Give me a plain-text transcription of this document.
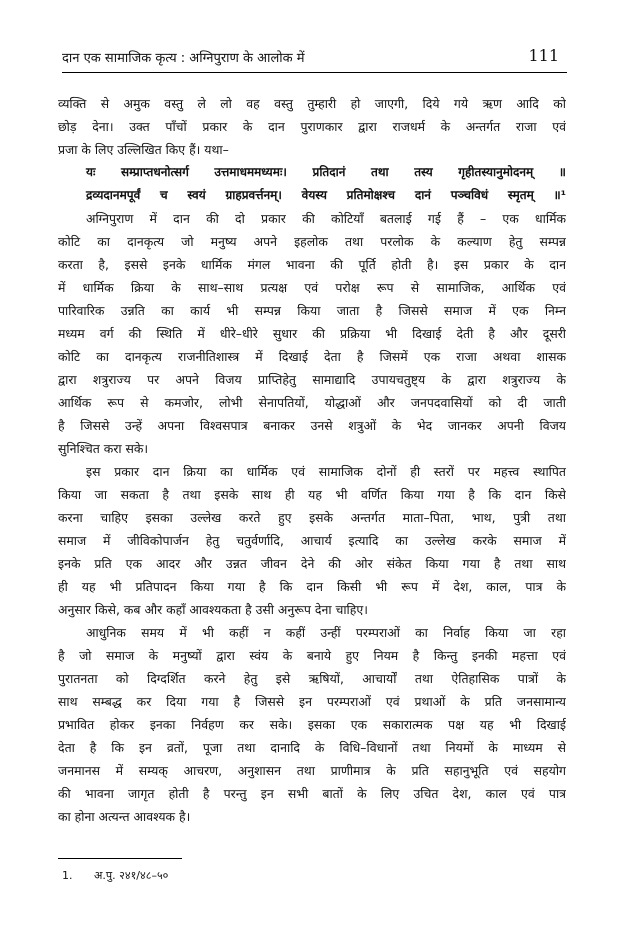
दान एक सामाजिक कृत्य : अग्निपुराण के आलोक में	111
व्यक्ति से अमुक वस्तु ले लो वह वस्तु तुम्हारी हो जाएगी, दिये गये ऋण आदि को
छोड़ देना। उक्त पाँचों प्रकार के दान पुराणकार द्वारा राजधर्म के अन्तर्गत राजा एवं
प्रजा के लिए उल्लिखित किए हैं। यथा–
यः सम्प्राप्तधनोत्सर्ग उत्तमाधममध्यमः। प्रतिदानं तथा तस्य गृहीतस्यानुमोदनम् ॥
द्रव्यदानमपूर्वं च स्वयं ग्राहप्रवर्त्तनम्। वेयस्य प्रतिमोक्षश्च दानं पञ्चविधं स्मृतम् ॥¹
अग्निपुराण में दान की दो प्रकार की कोटियाँ बतलाई गई हैं – एक धार्मिक
कोटि का दानकृत्य जो मनुष्य अपने इहलोक तथा परलोक के कल्याण हेतु सम्पन्न
करता है, इससे इनके धार्मिक मंगल भावना की पूर्ति होती है। इस प्रकार के दान
में धार्मिक क्रिया के साथ–साथ प्रत्यक्ष एवं परोक्ष रूप से सामाजिक, आर्थिक एवं
पारिवारिक उन्नति का कार्य भी सम्पन्न किया जाता है जिससे समाज में एक निम्न
मध्यम वर्ग की स्थिति में धीरे–धीरे सुधार की प्रक्रिया भी दिखाई देती है और दूसरी
कोटि का दानकृत्य राजनीतिशास्त्र में दिखाई देता है जिसमें एक राजा अथवा शासक
द्वारा शत्रुराज्य पर अपने विजय प्राप्तिहेतु सामाद्यादि उपायचतुष्ट्य के द्वारा शत्रुराज्य के
आर्थिक रूप से कमजोर, लोभी सेनापतियों, योद्धाओं और जनपदवासियों को दी जाती
है जिससे उन्हें अपना विश्वसपात्र बनाकर उनसे शत्रुओं के भेद जानकर अपनी विजय
सुनिश्चित करा सके।
इस प्रकार दान क्रिया का धार्मिक एवं सामाजिक दोनों ही स्तरों पर महत्त्व स्थापित
किया जा सकता है तथा इसके साथ ही यह भी वर्णित किया गया है कि दान किसे
करना चाहिए इसका उल्लेख करते हुए इसके अन्तर्गत माता–पिता, भाथ, पुत्री तथा
समाज में जीविकोपार्जन हेतु चतुर्वर्णादि, आचार्य इत्यादि का उल्लेख करके समाज में
इनके प्रति एक आदर और उन्नत जीवन देने की ओर संकेत किया गया है तथा साथ
ही यह भी प्रतिपादन किया गया है कि दान किसी भी रूप में देश, काल, पात्र के
अनुसार किसे, कब और कहाँ आवश्यकता है उसी अनुरूप देना चाहिए।
आधुनिक समय में भी कहीं न कहीं उन्हीं परम्पराओं का निर्वाह किया जा रहा
है जो समाज के मनुष्यों द्वारा स्वंय के बनाये हुए नियम है किन्तु इनकी महत्ता एवं
पुरातनता को दिग्दर्शित करने हेतु इसे ऋषियों, आचार्यों तथा ऐतिहासिक पात्रों के
साथ सम्बद्ध कर दिया गया है जिससे इन परम्पराओं एवं प्रथाओं के प्रति जनसामान्य
प्रभावित होकर इनका निर्वहण कर सके। इसका एक सकारात्मक पक्ष यह भी दिखाई
देता है कि इन व्रतों, पूजा तथा दानादि के विधि–विधानों तथा नियमों के माध्यम से
जनमानस में सम्यक् आचरण, अनुशासन तथा प्राणीमात्र के प्रति सहानुभूति एवं सहयोग
की भावना जागृत होती है परन्तु इन सभी बातों के लिए उचित देश, काल एवं पात्र
का होना अत्यन्त आवश्यक है।
1. अ.पु. २४१/४८–५०
